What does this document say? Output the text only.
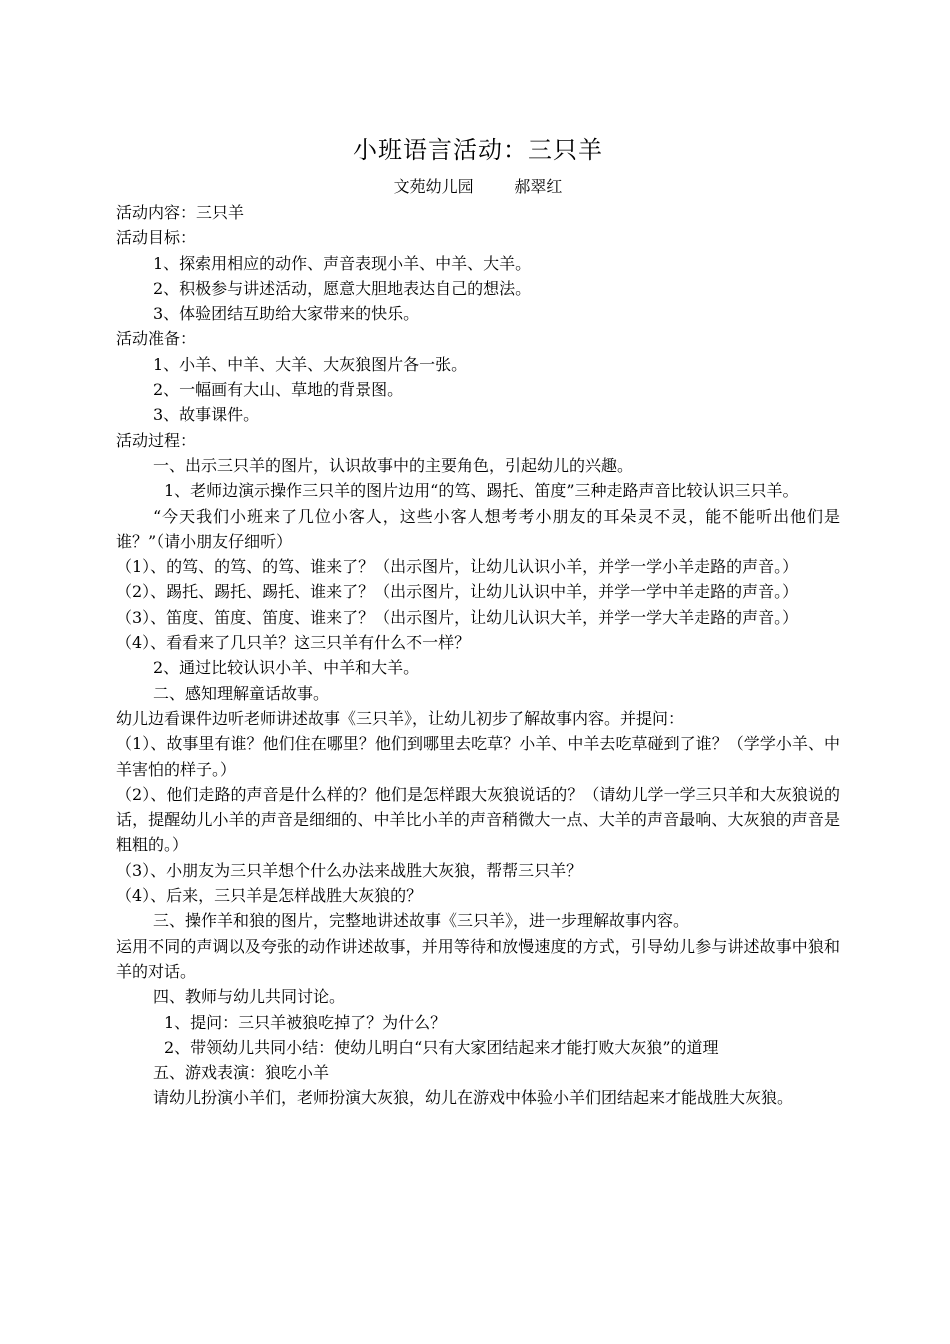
小班语言活动：三只羊
文苑幼儿园        郝翠红
活动内容：三只羊
活动目标：
1、探索用相应的动作、声音表现小羊、中羊、大羊。
2、积极参与讲述活动，愿意大胆地表达自己的想法。
3、体验团结互助给大家带来的快乐。
活动准备：
1、小羊、中羊、大羊、大灰狼图片各一张。
2、一幅画有大山、草地的背景图。
3、故事课件。
活动过程：
一、出示三只羊的图片，认识故事中的主要角色，引起幼儿的兴趣。
1、老师边演示操作三只羊的图片边用“的笃、踢托、笛度”三种走路声音比较认识三只羊。
“今天我们小班来了几位小客人，这些小客人想考考小朋友的耳朵灵不灵，能不能听出他们是谁？”（请小朋友仔细听）
（1）、的笃、的笃、的笃、谁来了？（出示图片，让幼儿认识小羊，并学一学小羊走路的声音。）
（2）、踢托、踢托、踢托、谁来了？（出示图片，让幼儿认识中羊，并学一学中羊走路的声音。）
（3）、笛度、笛度、笛度、谁来了？（出示图片，让幼儿认识大羊，并学一学大羊走路的声音。）
（4）、看看来了几只羊？这三只羊有什么不一样？
2、通过比较认识小羊、中羊和大羊。
二、感知理解童话故事。
幼儿边看课件边听老师讲述故事《三只羊》，让幼儿初步了解故事内容。并提问：
（1）、故事里有谁？他们住在哪里？他们到哪里去吃草？小羊、中羊去吃草碰到了谁？（学学小羊、中羊害怕的样子。）
（2）、他们走路的声音是什么样的？他们是怎样跟大灰狼说话的？（请幼儿学一学三只羊和大灰狼说的话，提醒幼儿小羊的声音是细细的、中羊比小羊的声音稍微大一点、大羊的声音最响、大灰狼的声音是粗粗的。）
（3）、小朋友为三只羊想个什么办法来战胜大灰狼，帮帮三只羊？
（4）、后来，三只羊是怎样战胜大灰狼的？
三、操作羊和狼的图片，完整地讲述故事《三只羊》，进一步理解故事内容。
运用不同的声调以及夸张的动作讲述故事，并用等待和放慢速度的方式，引导幼儿参与讲述故事中狼和羊的对话。
四、教师与幼儿共同讨论。
1、提问：三只羊被狼吃掉了？为什么？
2、带领幼儿共同小结：使幼儿明白“只有大家团结起来才能打败大灰狼”的道理
五、游戏表演：狼吃小羊
请幼儿扮演小羊们，老师扮演大灰狼，幼儿在游戏中体验小羊们团结起来才能战胜大灰狼。
